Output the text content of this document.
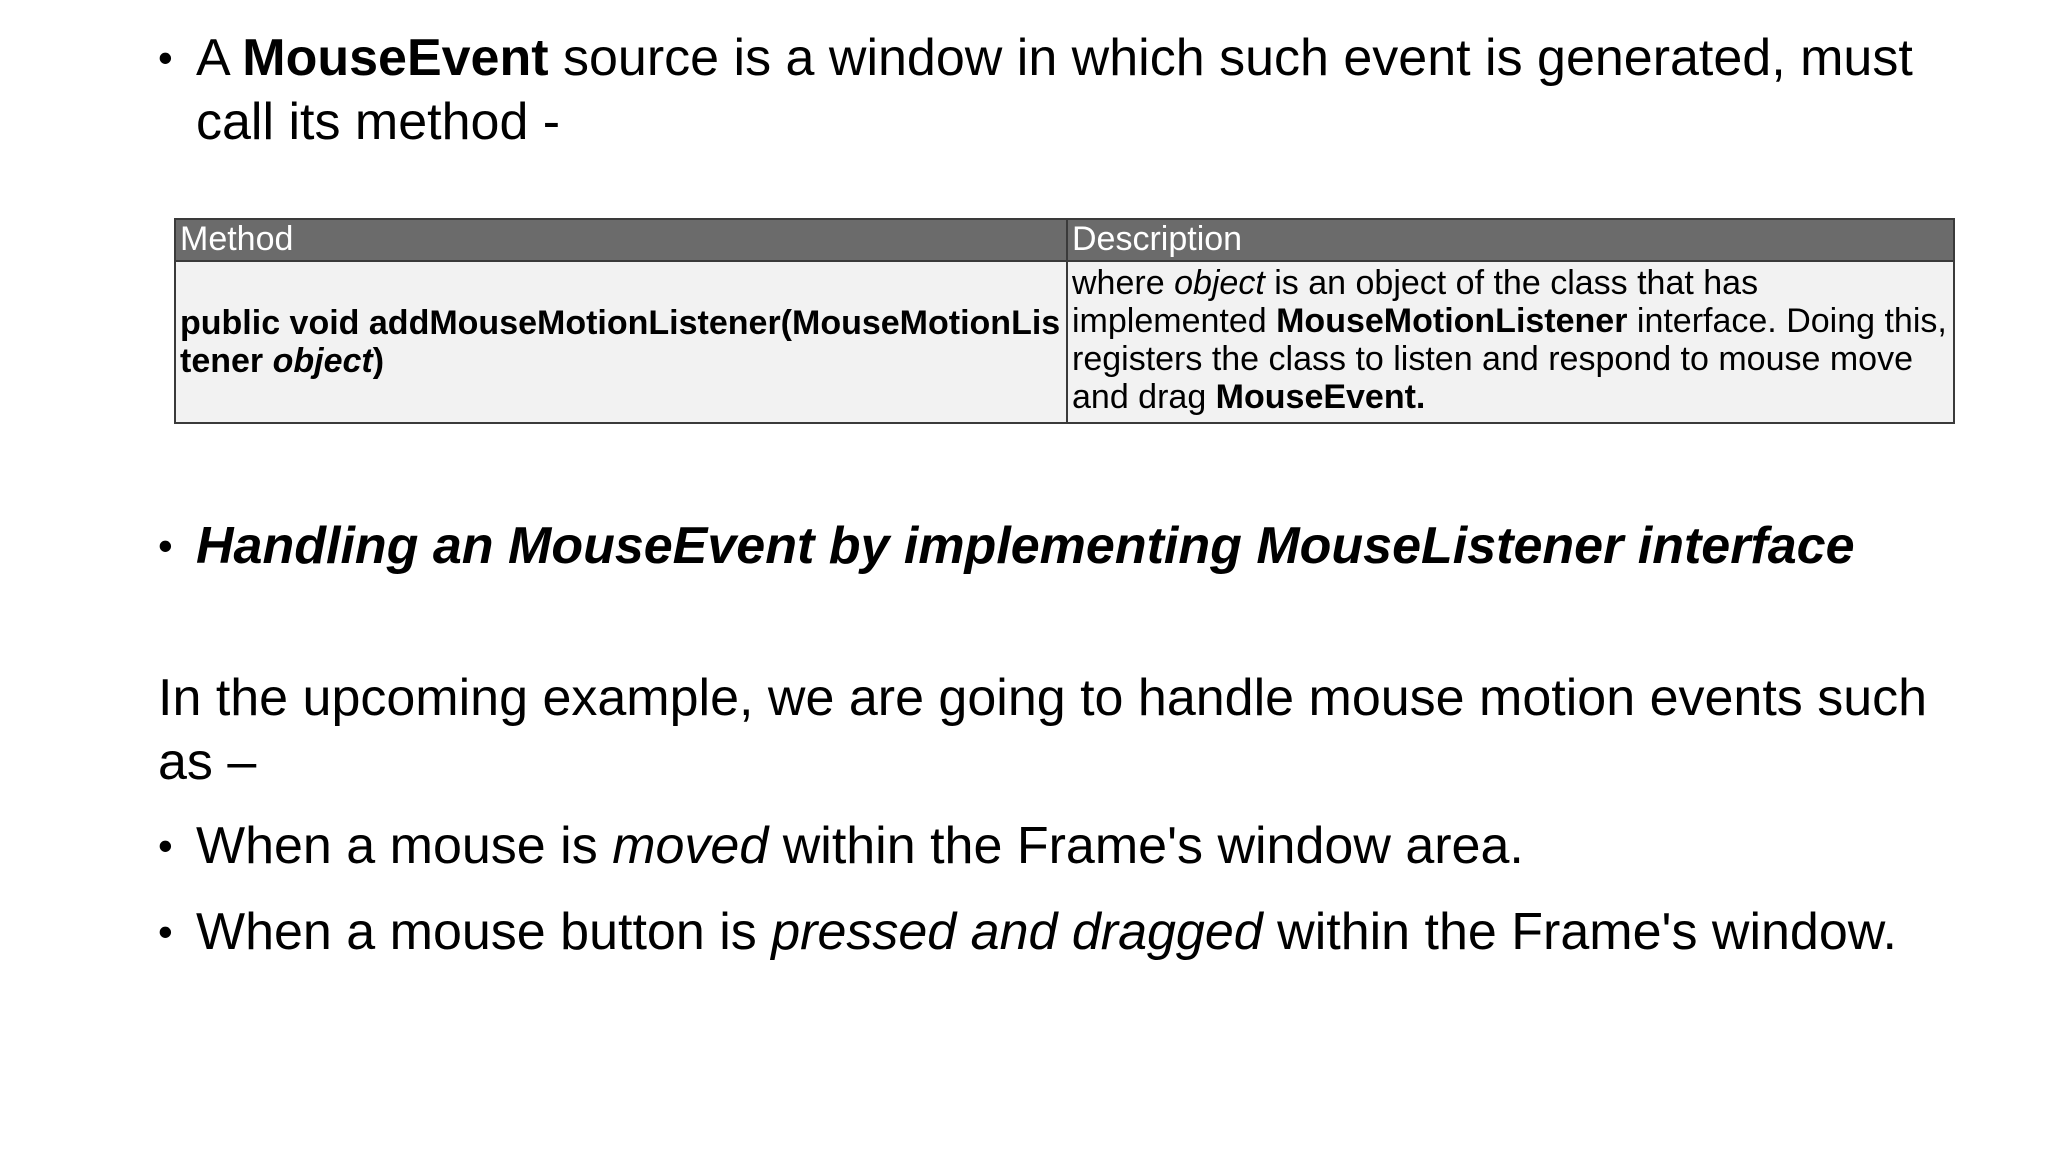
• A MouseEvent source is a window in which such event is generated, must call its method -
Method	Description
public void addMouseMotionListener(MouseMotionListener object)	where object is an object of the class that has implemented MouseMotionListener interface. Doing this, registers the class to listen and respond to mouse move and drag MouseEvent.
• Handling an MouseEvent by implementing MouseListener interface
In the upcoming example, we are going to handle mouse motion events such as –
• When a mouse is moved within the Frame's window area.
• When a mouse button is pressed and dragged within the Frame's window.
